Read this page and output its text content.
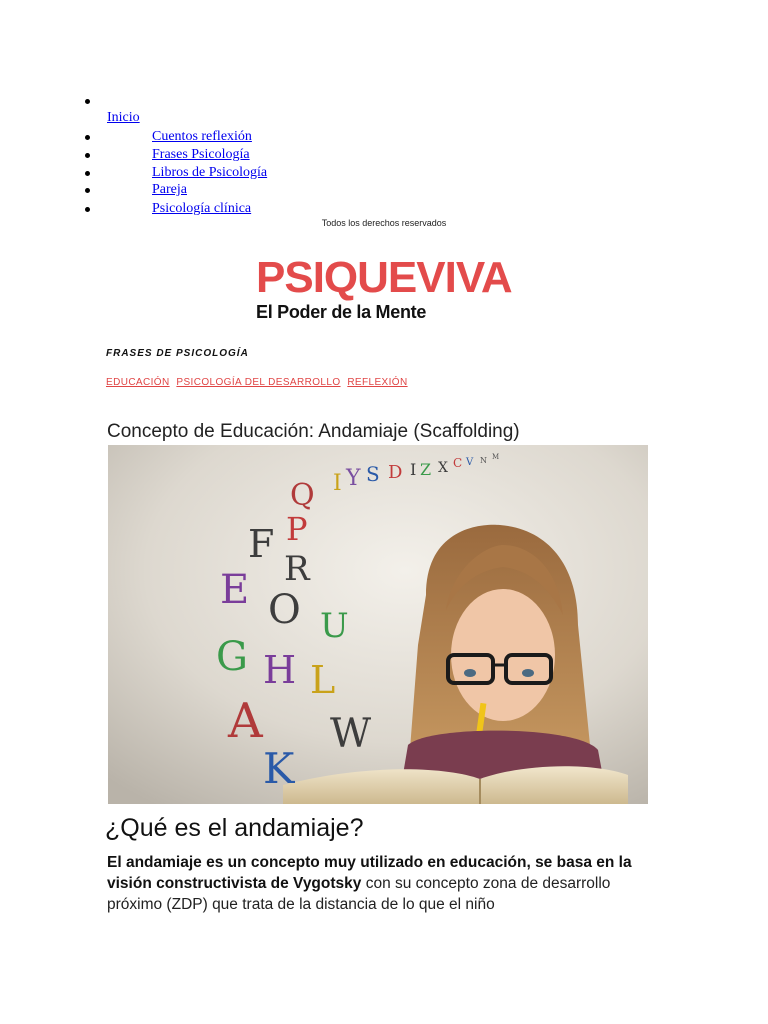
Inicio
Cuentos reflexión
Frases Psicología
Libros de Psicología
Pareja
Psicología clínica
Todos los derechos reservados
PSIQUEVIVA
El Poder de la Mente
FRASES DE PSICOLOGÍA
EDUCACIÓN PSICOLOGÍA DEL DESARROLLO REFLEXIÓN
Concepto de Educación: Andamiaje (Scaffolding)
Q I Y S D I Z X C V N M
F P
R
E O U
G H L
A W
K
¿Qué es el andamiaje?

El andamiaje es un concepto muy utilizado en educación, se basa en la visión constructivista de Vygotsky con su concepto zona de desarrollo próximo (ZDP) que trata de la distancia de lo que el niño
